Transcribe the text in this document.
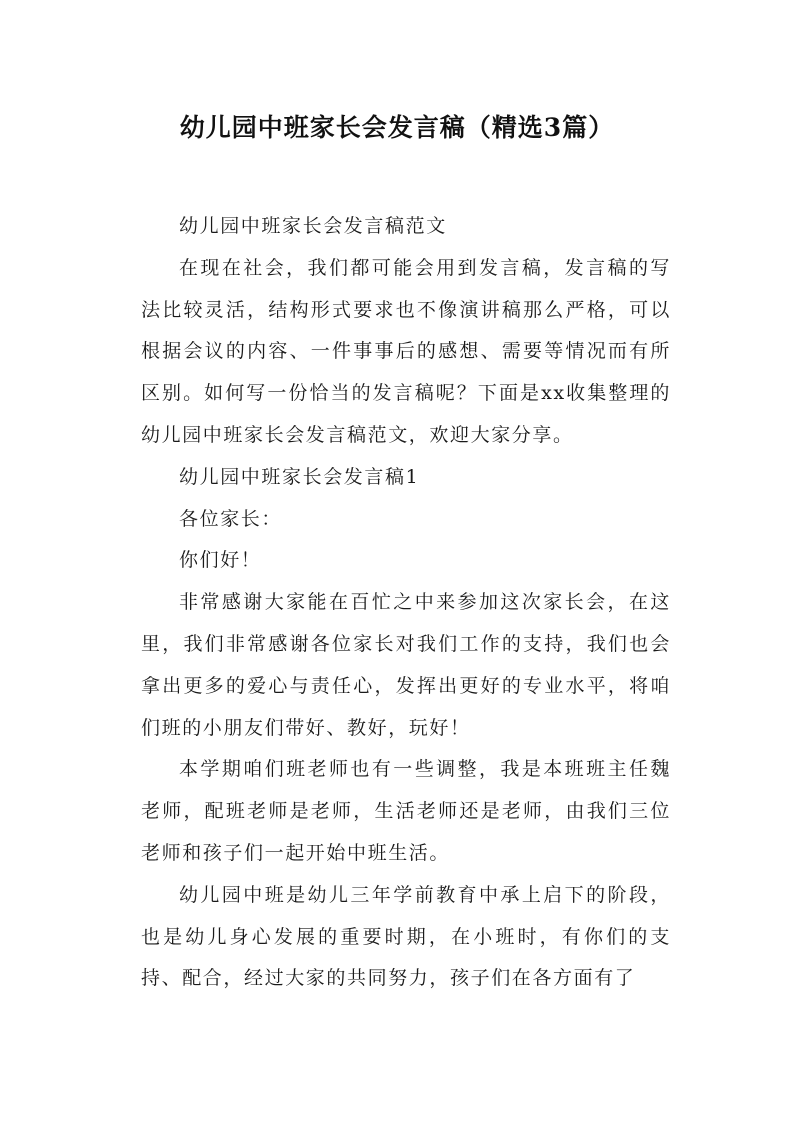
幼儿园中班家长会发言稿（精选3篇）

幼儿园中班家长会发言稿范文

在现在社会，我们都可能会用到发言稿，发言稿的写法比较灵活，结构形式要求也不像演讲稿那么严格，可以根据会议的内容、一件事事后的感想、需要等情况而有所区别。如何写一份恰当的发言稿呢？下面是xx收集整理的幼儿园中班家长会发言稿范文，欢迎大家分享。

幼儿园中班家长会发言稿1

各位家长：

你们好！

非常感谢大家能在百忙之中来参加这次家长会，在这里，我们非常感谢各位家长对我们工作的支持，我们也会拿出更多的爱心与责任心，发挥出更好的专业水平，将咱们班的小朋友们带好、教好，玩好！

本学期咱们班老师也有一些调整，我是本班班主任魏老师，配班老师是老师，生活老师还是老师，由我们三位老师和孩子们一起开始中班生活。

幼儿园中班是幼儿三年学前教育中承上启下的阶段，也是幼儿身心发展的重要时期，在小班时，有你们的支持、配合，经过大家的共同努力，孩子们在各方面有了
